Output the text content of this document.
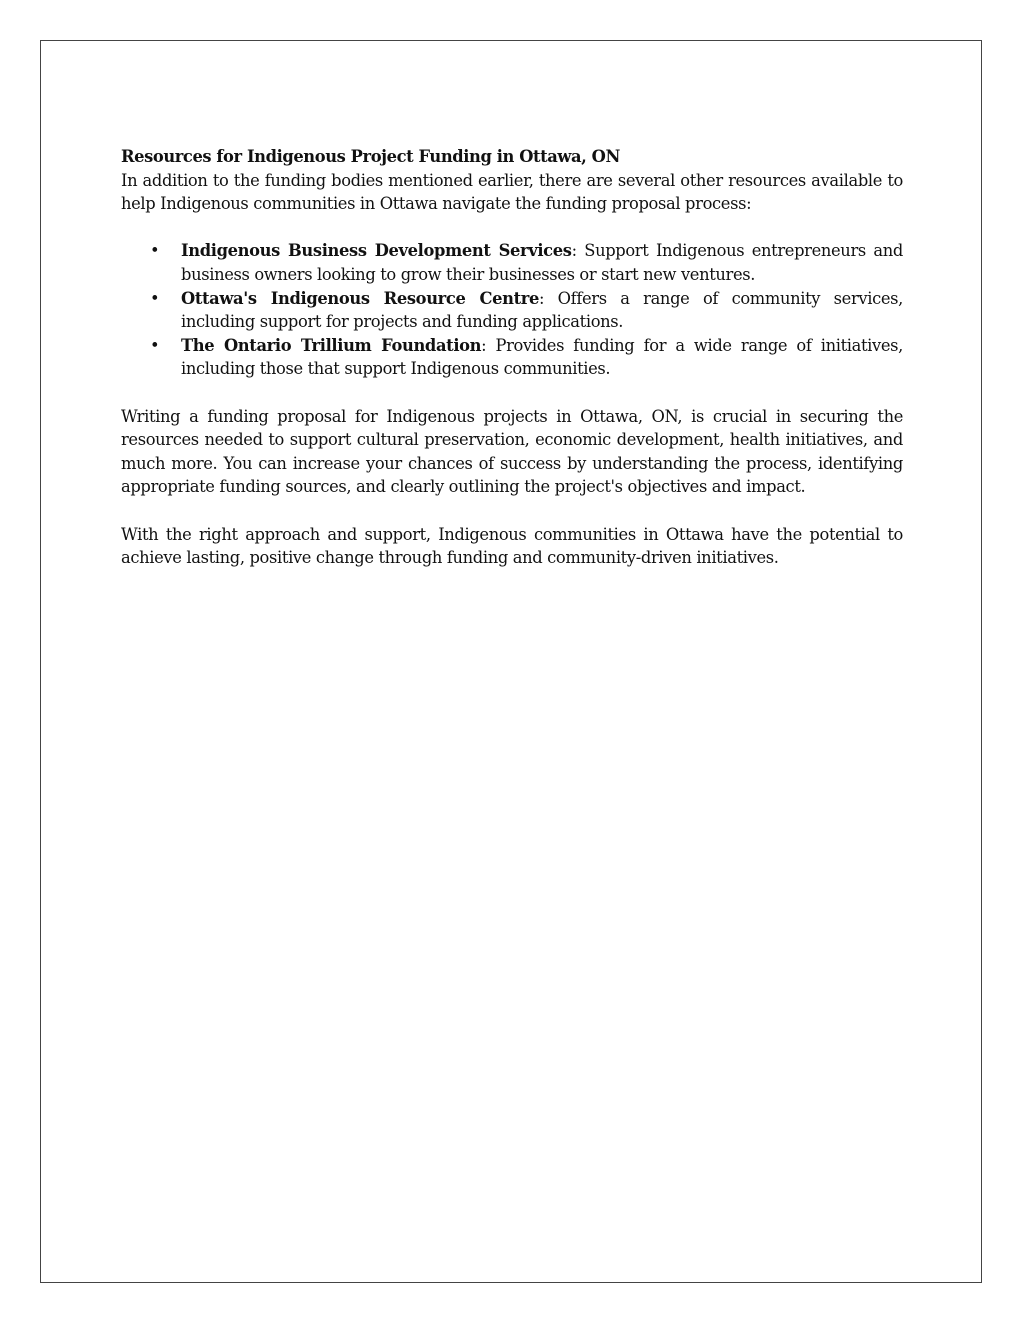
Resources for Indigenous Project Funding in Ottawa, ON

In addition to the funding bodies mentioned earlier, there are several other resources available to help Indigenous communities in Ottawa navigate the funding proposal process:

• Indigenous Business Development Services: Support Indigenous entrepreneurs and business owners looking to grow their businesses or start new ventures.
• Ottawa's Indigenous Resource Centre: Offers a range of community services, including support for projects and funding applications.
• The Ontario Trillium Foundation: Provides funding for a wide range of initiatives, including those that support Indigenous communities.

Writing a funding proposal for Indigenous projects in Ottawa, ON, is crucial in securing the resources needed to support cultural preservation, economic development, health initiatives, and much more. You can increase your chances of success by understanding the process, identifying appropriate funding sources, and clearly outlining the project's objectives and impact.

With the right approach and support, Indigenous communities in Ottawa have the potential to achieve lasting, positive change through funding and community-driven initiatives.
